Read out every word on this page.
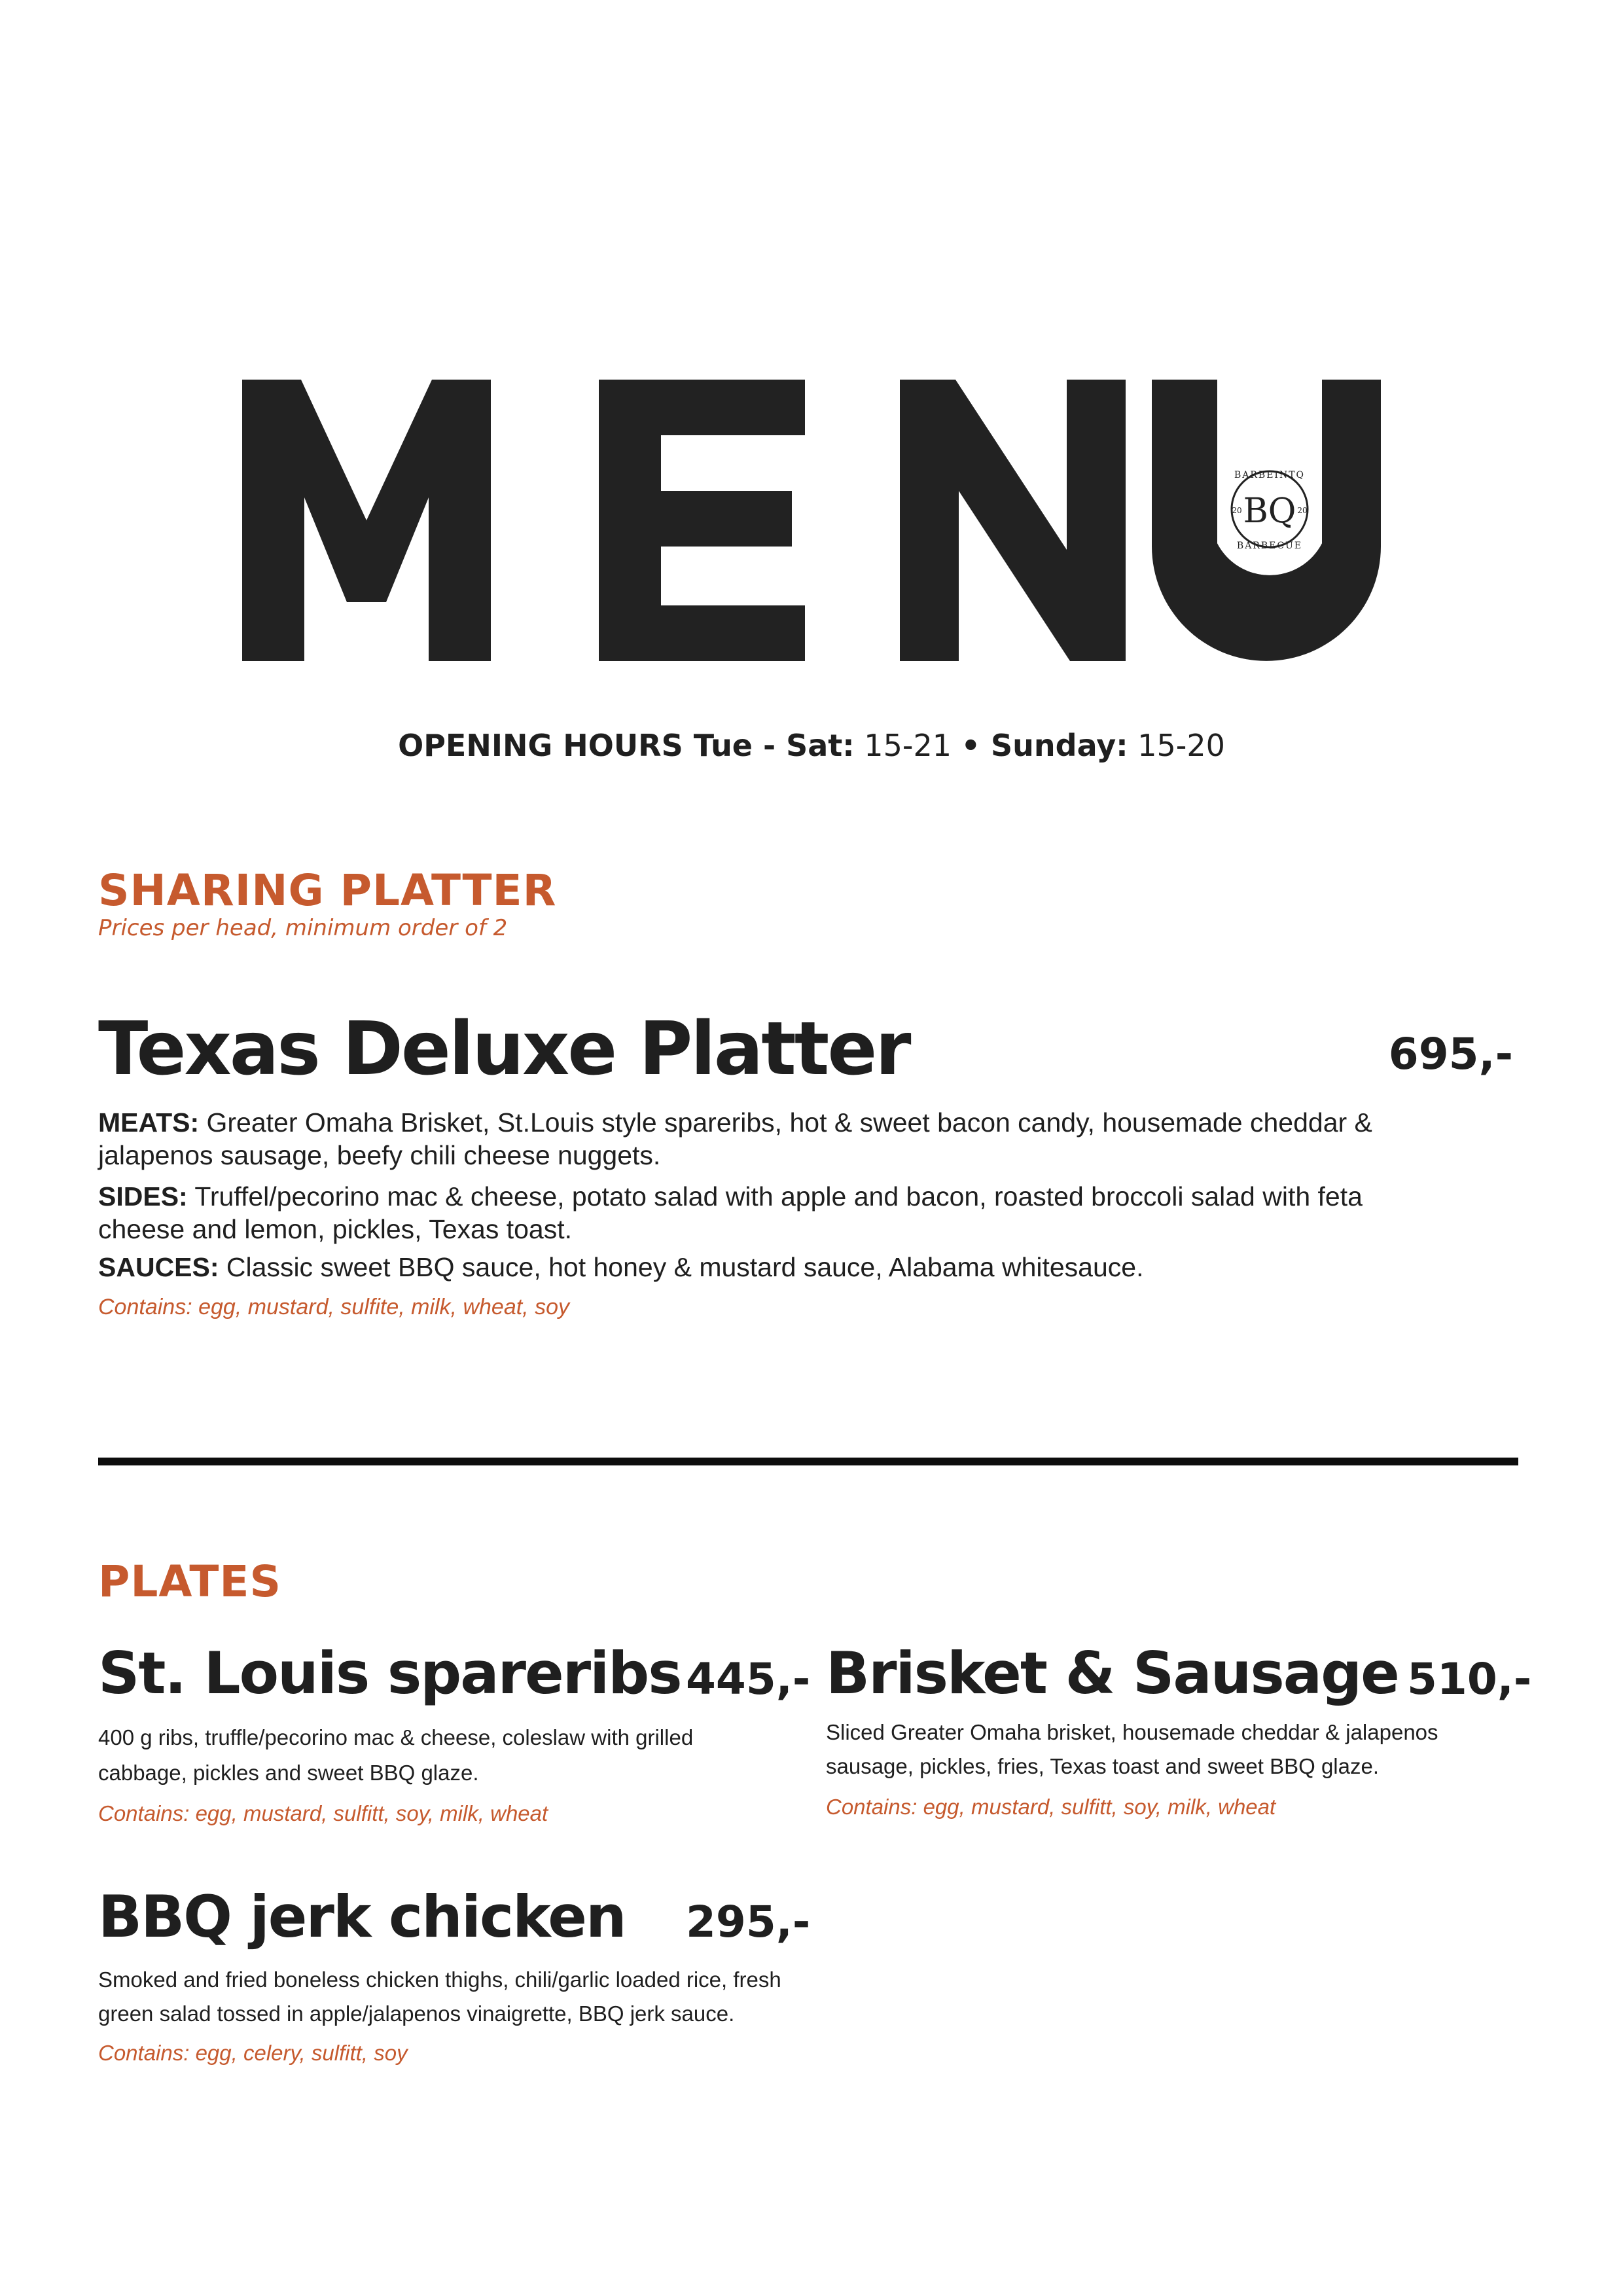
BQ
BARBEINTQ
BARBECUE
20	20
OPENING HOURS Tue - Sat: 15-21 • Sunday: 15-20
SHARING PLATTER
Prices per head, minimum order of 2
Texas Deluxe Platter	695,-
MEATS: Greater Omaha Brisket, St.Louis style spareribs, hot & sweet bacon candy, housemade cheddar & jalapenos sausage, beefy chili cheese nuggets.
SIDES: Truffel/pecorino mac & cheese, potato salad with apple and bacon, roasted broccoli salad with feta cheese and lemon, pickles, Texas toast.
SAUCES: Classic sweet BBQ sauce, hot honey & mustard sauce, Alabama whitesauce.
Contains: egg, mustard, sulfite, milk, wheat, soy
PLATES
St. Louis spareribs 445,-
400 g ribs, truffle/pecorino mac & cheese, coleslaw with grilled
cabbage, pickles and sweet BBQ glaze.
Contains: egg, mustard, sulfitt, soy, milk, wheat
Brisket & Sausage 510,-
Sliced Greater Omaha brisket, housemade cheddar & jalapenos
sausage, pickles, fries, Texas toast and sweet BBQ glaze.
Contains: egg, mustard, sulfitt, soy, milk, wheat
BBQ jerk chicken 295,-
Smoked and fried boneless chicken thighs, chili/garlic loaded rice, fresh
green salad tossed in apple/jalapenos vinaigrette, BBQ jerk sauce.
Contains: egg, celery, sulfitt, soy
